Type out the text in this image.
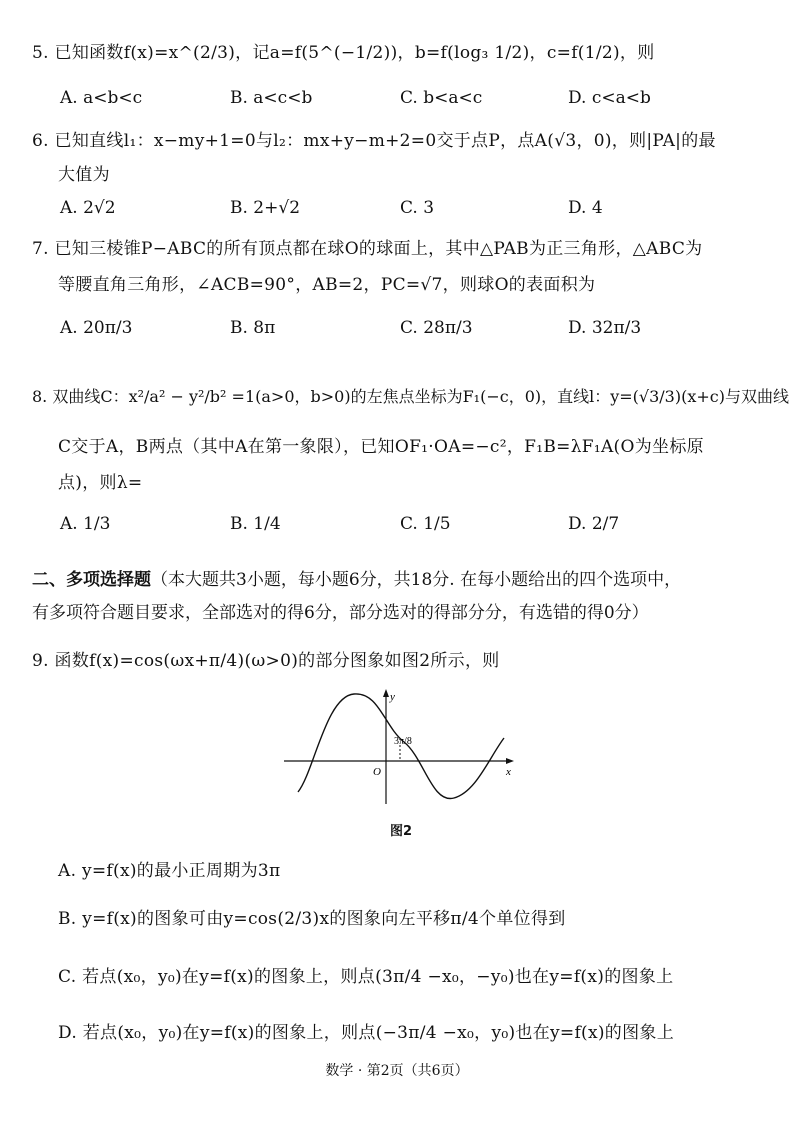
5. 已知函数f(x)=x^(2/3)，记a=f(5^(−1/2))，b=f(log₃ 1/2)，c=f(1/2)，则
A. a<b<c	B. a<c<b	C. b<a<c	D. c<a<b
6. 已知直线l₁：x−my+1=0与l₂：mx+y−m+2=0交于点P，点A(√3，0)，则|PA|的最
大值为
A. 2√2	B. 2+√2	C. 3	D. 4
7. 已知三棱锥P−ABC的所有顶点都在球O的球面上，其中△PAB为正三角形，△ABC为
等腰直角三角形，∠ACB=90°，AB=2，PC=√7，则球O的表面积为
A. 20π/3	B. 8π	C. 28π/3	D. 32π/3
8. 双曲线C：x²/a² − y²/b² =1(a>0，b>0)的左焦点坐标为F₁(−c，0)，直线l：y=(√3/3)(x+c)与双曲线
C交于A，B两点（其中A在第一象限），已知OF₁·OA=−c²，F₁B=λF₁A(O为坐标原
点)，则λ=
A. 1/3	B. 1/4	C. 1/5	D. 2/7
二、多项选择题（本大题共3小题，每小题6分，共18分. 在每小题给出的四个选项中，
有多项符合题目要求，全部选对的得6分，部分选对的得部分分，有选错的得0分）
9. 函数f(x)=cos(ωx+π/4)(ω>0)的部分图象如图2所示，则
y
x
O
3π/8
图2
A. y=f(x)的最小正周期为3π
B. y=f(x)的图象可由y=cos(2/3)x的图象向左平移π/4个单位得到
C. 若点(x₀，y₀)在y=f(x)的图象上，则点(3π/4 −x₀，−y₀)也在y=f(x)的图象上
D. 若点(x₀，y₀)在y=f(x)的图象上，则点(−3π/4 −x₀，y₀)也在y=f(x)的图象上
数学 · 第2页（共6页）
